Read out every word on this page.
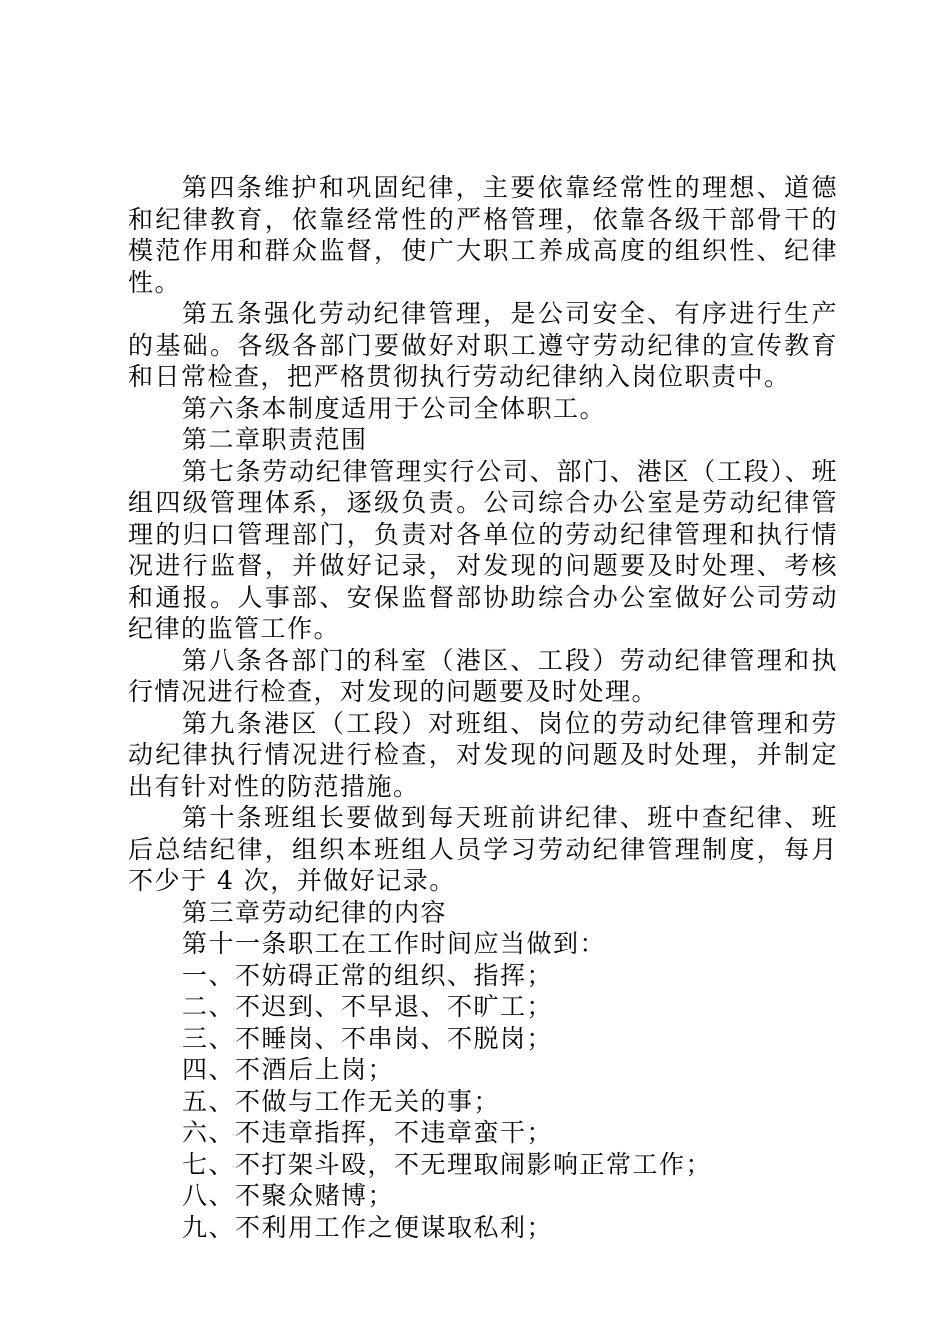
第四条维护和巩固纪律，主要依靠经常性的理想、道德和纪律教育，依靠经常性的严格管理，依靠各级干部骨干的模范作用和群众监督，使广大职工养成高度的组织性、纪律性。

第五条强化劳动纪律管理，是公司安全、有序进行生产的基础。各级各部门要做好对职工遵守劳动纪律的宣传教育和日常检查，把严格贯彻执行劳动纪律纳入岗位职责中。

第六条本制度适用于公司全体职工。

第二章职责范围

第七条劳动纪律管理实行公司、部门、港区（工段）、班组四级管理体系，逐级负责。公司综合办公室是劳动纪律管理的归口管理部门，负责对各单位的劳动纪律管理和执行情况进行监督，并做好记录，对发现的问题要及时处理、考核和通报。人事部、安保监督部协助综合办公室做好公司劳动纪律的监管工作。

第八条各部门的科室（港区、工段）劳动纪律管理和执行情况进行检查，对发现的问题要及时处理。

第九条港区（工段）对班组、岗位的劳动纪律管理和劳动纪律执行情况进行检查，对发现的问题及时处理，并制定出有针对性的防范措施。

第十条班组长要做到每天班前讲纪律、班中查纪律、班后总结纪律，组织本班组人员学习劳动纪律管理制度，每月不少于 4 次，并做好记录。

第三章劳动纪律的内容

第十一条职工在工作时间应当做到：

一、不妨碍正常的组织、指挥；

二、不迟到、不早退、不旷工；

三、不睡岗、不串岗、不脱岗；

四、不酒后上岗；

五、不做与工作无关的事；

六、不违章指挥，不违章蛮干；

七、不打架斗殴，不无理取闹影响正常工作；

八、不聚众赌博；

九、不利用工作之便谋取私利；
